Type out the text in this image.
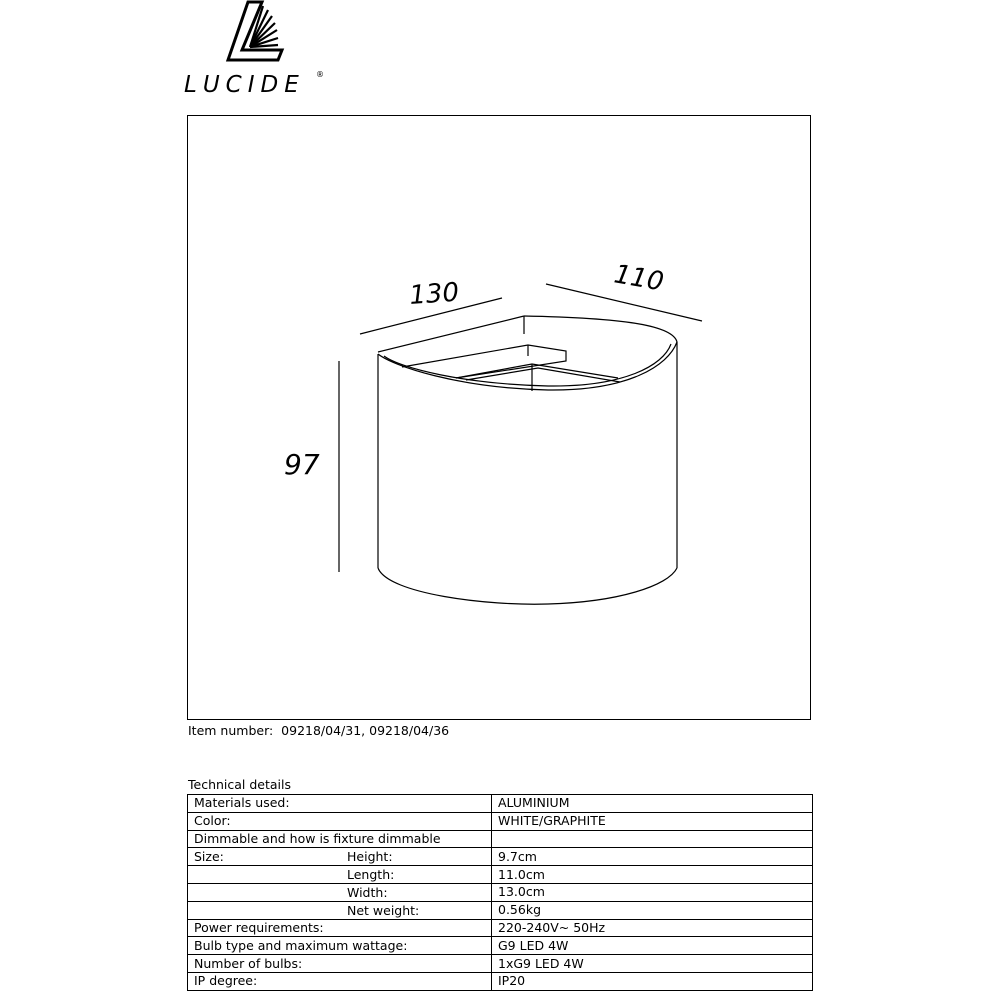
LUCIDE	®
130	110
97
Item number: 09218/04/31, 09218/04/36
Technical details
Materials used:	ALUMINIUM
Color:	WHITE/GRAPHITE
Dimmable and how is fixture dimmable

Size: Height:	9.7cm

Length:	11.0cm

Width:	13.0cm

Net weight:	0.56kg
Power requirements:	220-240V~ 50Hz
Bulb type and maximum wattage:	G9 LED 4W
Number of bulbs:	1xG9 LED 4W
IP degree:	IP20
